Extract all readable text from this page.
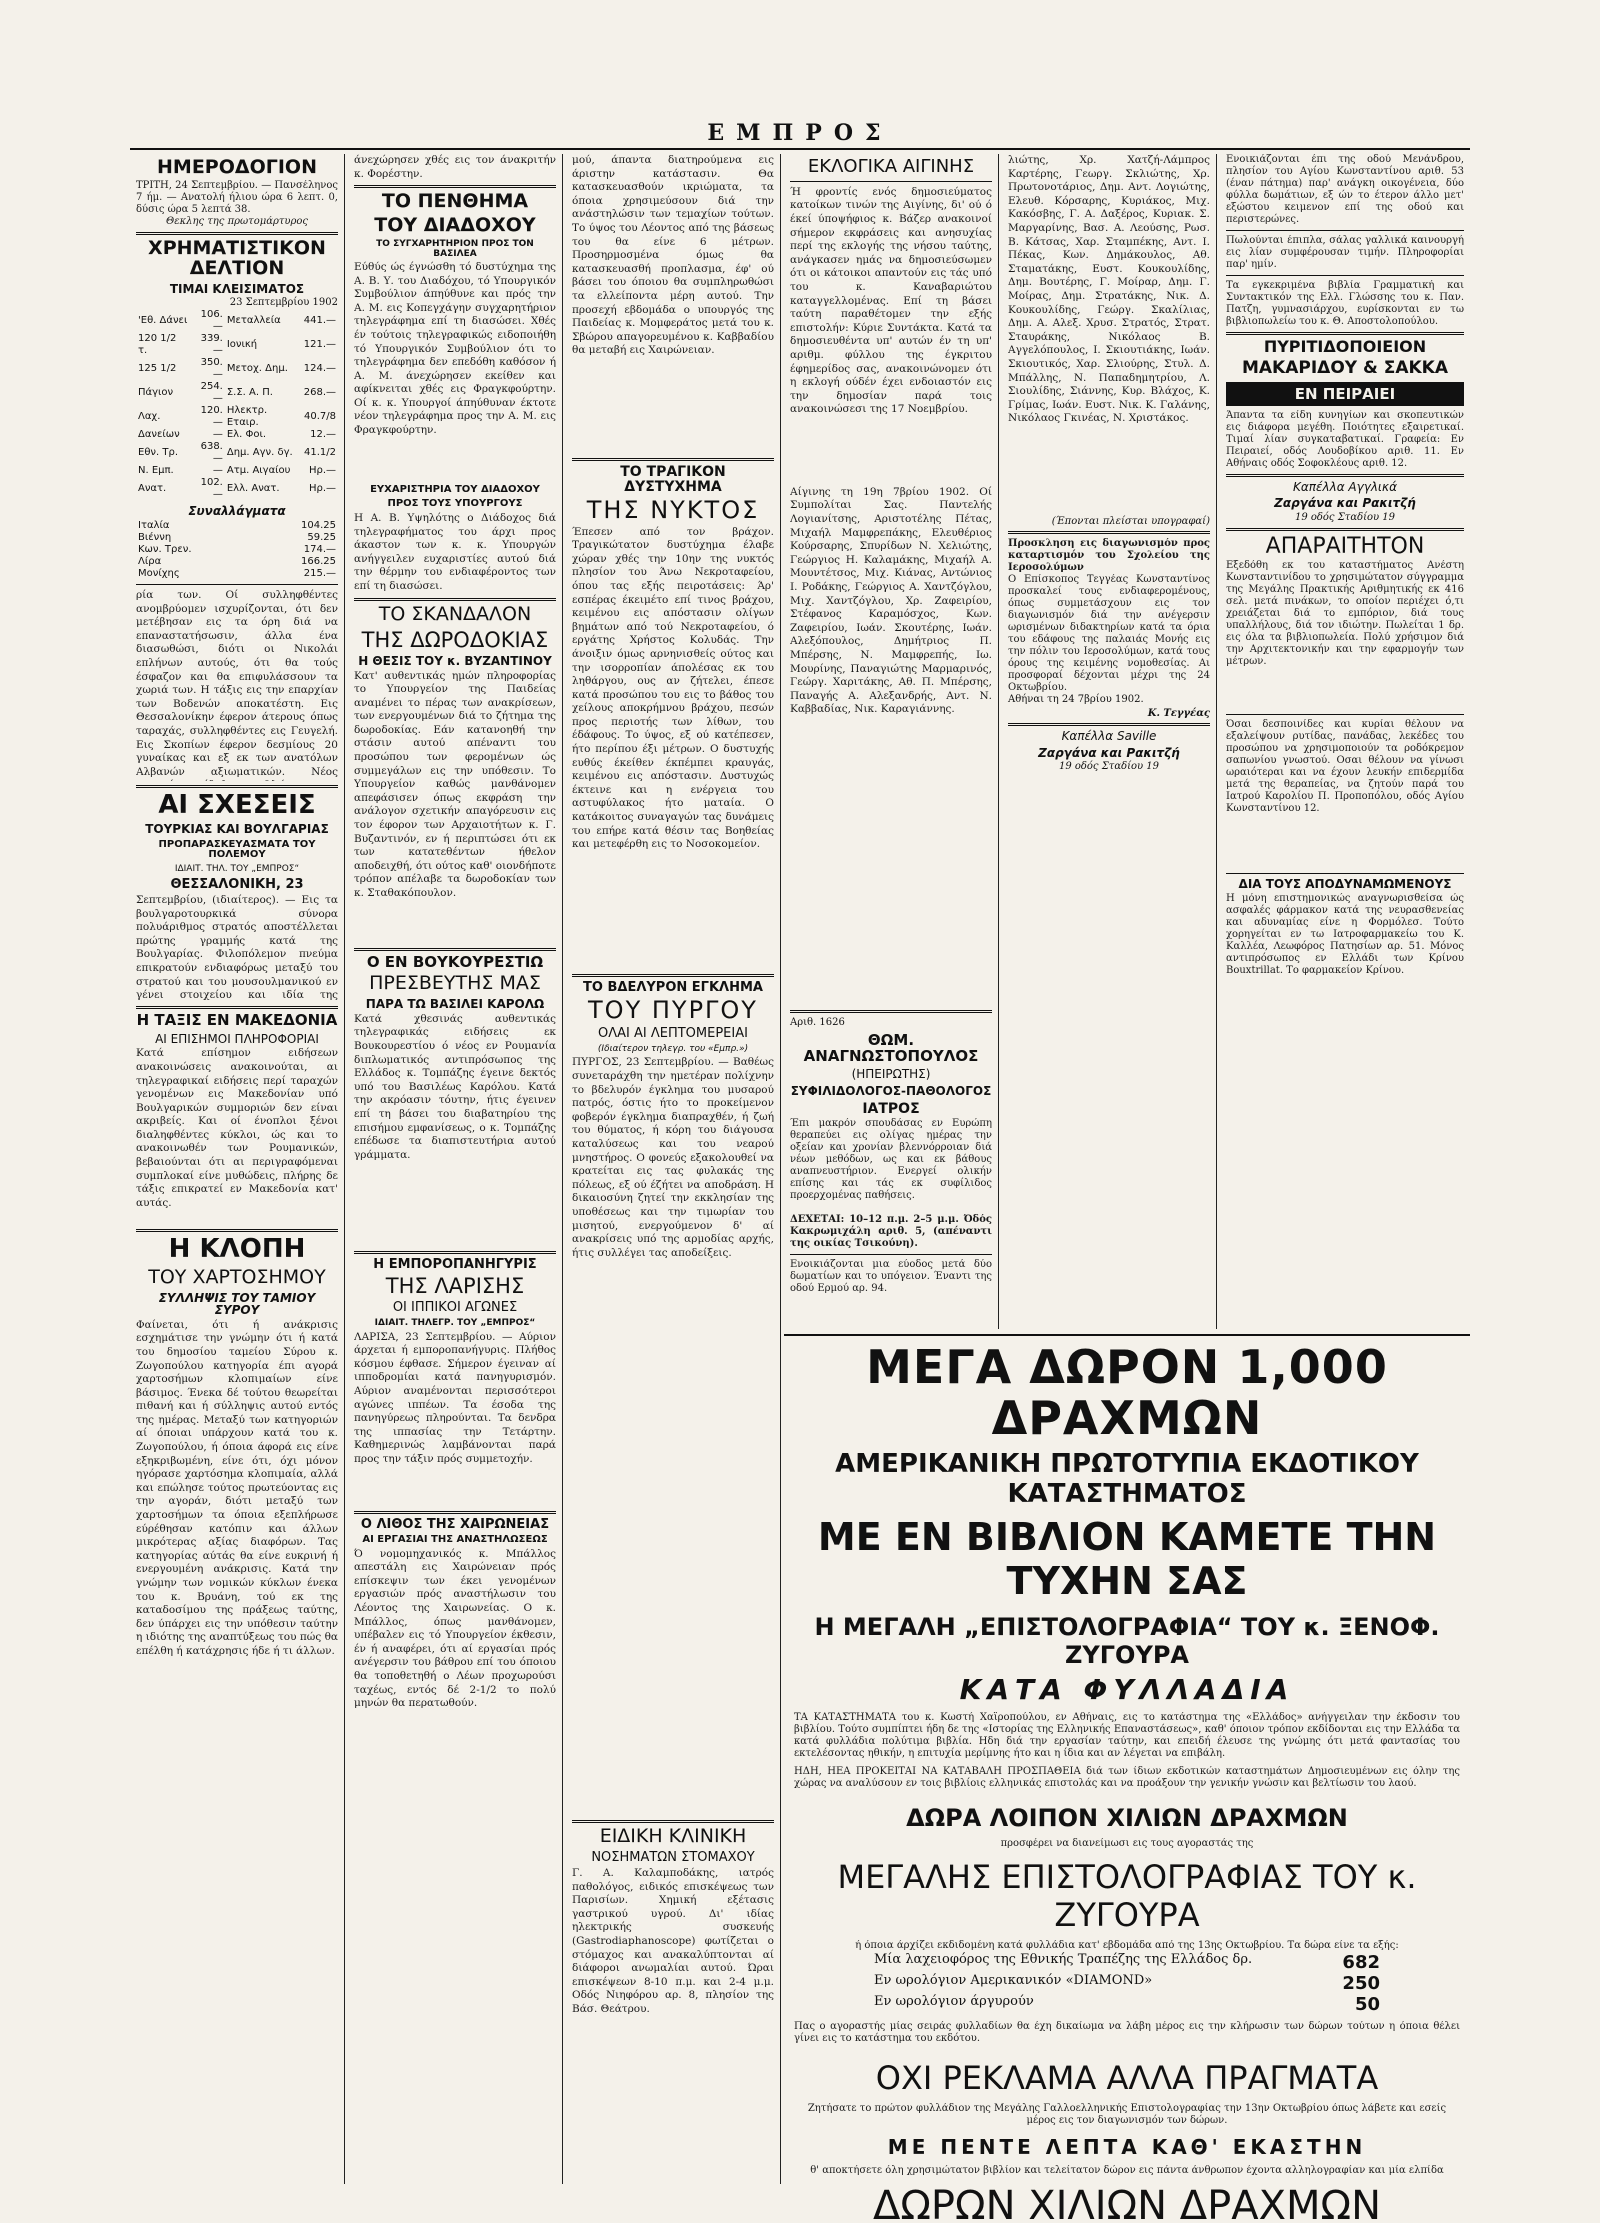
ΕΜΠΡΟΣ
ΗΜΕΡΟΔΟΓΙΟΝ
ΤΡΙΤΗ, 24 Σεπτεμβρίου. — Πανσέληνος 7 ήμ. — Ανατολή ήλιου ώρα 6 λεπτ. 0, δύσις ώρα 5 λεπτά 38.
Θεκλης της πρωτομάρτυρος
ΧΡΗΜΑΤΙΣΤΙΚΟΝ ΔΕΛΤΙΟΝ
ΤΙΜΑΙ ΚΛΕΙΣΙΜΑΤΟΣ
23 Σεπτεμβρίου 1902
'Εθ. Δάνει	106.—	Μεταλλεία	441.—
120 1/2 τ.	339.—	Ιονική	121.—
125 1/2	350.—	Μετοχ. Δημ.	124.—
Πάγιον	254.—	Σ.Σ. Α. Π.	268.—
Λαχ.	120.—	Ηλεκτρ. Εταιρ.	40.7/8
Δανείων	—	Ελ. Φοι.	12.—
Εθν. Τρ.	638.—	Δημ. Αγν. δγ.	41.1/2
Ν. Εμπ.	—	Ατμ. Αιγαίου	Ηρ.—
Ανατ.	102.—	Ελλ. Ανατ.	Ηρ.—
Συναλλάγματα
Ιταλία	104.25
Βιέννη	59.25
Κων. Τρεν.	174.—
Λίρα	166.25
Μονίχης	215.—
ρία των. Οί συλληφθέντες ανομβρύομεν ισχυρίζονται, ότι δεν μετέβησαν εις τα όρη διά να επαναστατήσωσιν, άλλα ένα διασωθώσι, διότι οι Νικολάι επλήνων αυτούς, ότι θα τούς έσφαζον και θα επιφυλάσσουν τα χωριά των. Η τάξις εις την επαρχίαν των Βοδενών αποκατέστη. Εις Θεσσαλονίκην έφερον άτερους όπως ταραχάς, συλληφθέντες εις Γευγελή. Εις Σκοπίων έφερον δεσμίους 20 γυναίκας και εξ εκ των ανατόλων Αλβανών αξιωματικών. Νέος
ΑΙ ΣΧΕΣΕΙΣ
ΤΟΥΡΚΙΑΣ ΚΑΙ ΒΟΥΛΓΑΡΙΑΣ
ΠΡΟΠΑΡΑΣΚΕΥΑΣΜΑΤΑ ΤΟΥ ΠΟΛΕΜΟΥ
ΙΔΙΑΙΤ. ΤΗΛ. ΤΟΥ „ΕΜΠΡΟΣ“
ΘΕΣΣΑΛΟΝΙΚΗ, 23
Σεπτεμβρίου, (ιδιαίτερος). — Εις τα βουλγαροτουρκικά σύνορα πολυάριθμος στρατός αποστέλλεται πρώτης γραμμής κατά της Βουλγαρίας. Φιλοπόλεμον πνεύμα επικρατούν ενδιαφόρως μεταξύ του στρατού και του μουσουλμανικού εν γένει στοιχείου και ιδία της
Η ΤΑΞΙΣ ΕΝ ΜΑΚΕΔΟΝΙΑ
ΑΙ ΕΠΙΣΗΜΟΙ ΠΛΗΡΟΦΟΡΙΑΙ
Κατά επίσημον ειδήσεων ανακοινώσεις ανακοινούται, αι τηλεγραφικαί ειδήσεις περί ταραχών γενομένων εις Μακεδονίαν υπό Βουλγαρικών συμμοριών δεν είναι ακριβείς. Και οί ένοπλοι ξένοι διαληφθέντες κύκλοι, ώς και το ανακοινωθέν των Ρουμανικών, βεβαιούνται ότι αι περιγραφόμεναι συμπλοκαί είνε μυθώδεις, πλήρης δε τάξις επικρατεί εν Μακεδονία κατ' αυτάς.
Η ΚΛΟΠΗ
ΤΟΥ ΧΑΡΤΟΣΗΜΟΥ
ΣΥΛΛΗΨΙΣ ΤΟΥ ΤΑΜΙΟΥ ΣΥΡΟΥ
Φαίνεται, ότι ή ανάκρισις εσχημάτισε την γνώμην ότι ή κατά του δημοσίου ταμείου Σύρου κ. Ζωγοπούλου κατηγορία έπι αγορά χαρτοσήμων κλοπιμαίων είνε βάσιμος. Ένεκα δέ τούτου θεωρείται πιθανή και ή σύλληψις αυτού εντός της ημέρας. Μεταξύ των κατηγοριών αί όποιαι υπάρχουν κατά του κ. Ζωγοπούλου, ή όποια άφορά εις είνε εξηκριβωμένη, είνε ότι, όχι μόνον ηγόρασε χαρτόσημα κλοπιμαία, αλλά και επώλησε τούτος πρωτεύοντας εις την αγοράν, διότι μεταξύ των χαρτοσήμων τα όποια εξεπλήρωσε εύρέθησαν κατόπιν και άλλων μικρότερας αξίας διαφόρων. Τας κατηγορίας αύτάς θα είνε ευκρινή ή ενεργουμένη ανάκρισις. Κατά την γνώμην των νομικών κύκλων ένεκα του κ. Βρυάνη, τού εκ της καταδοσίμου της πράξεως ταύτης, δεν ύπάρχει εις την υπόθεσιν ταύτην η ιδιότης της αναπτύξεως του πώς θα επέλθη ή κατάχρησις ήδε ή τι άλλων.
άνεχώρησεν χθές εις τον άνακριτήν κ. Φορέστην.
ΤΟ ΠΕΝΘΗΜΑ
ΤΟΥ ΔΙΑΔΟΧΟΥ
ΤΟ ΣΥΓΧΑΡΗΤΗΡΙΟΝ ΠΡΟΣ ΤΟΝ ΒΑΣΙΛΕΑ
Εύθύς ώς έγνώσθη τό δυστύχημα της Α. Β. Υ. του Διαδόχου, τό Υπουργικόν Συμβούλιον άπηύθυνε και πρός την Α. Μ. εις Κοπεγχάγην συγχαρητήριον τηλεγράφημα επί τη διασώσει. Χθές έν τούτοις τηλεγραφικώς ειδοποιήθη τό Υπουργικόν Συμβούλιον ότι το τηλεγράφημα δεν επεδόθη καθόσον ή Α. Μ. άνεχώρησεν εκείθεν και αφίκνειται χθές εις Φραγκφούρτην. Οί κ. κ. Υπουργοί άπηύθυναν έκτοτε νέον τηλεγράφημα προς την Α. Μ. εις Φραγκφούρτην.
ΕΥΧΑΡΙΣΤΗΡΙΑ ΤΟΥ ΔΙΑΔΟΧΟΥ
ΠΡΟΣ ΤΟΥΣ ΥΠΟΥΡΓΟΥΣ
Η Α. Β. Υψηλότης ο Διάδοχος διά τηλεγραφήματος του άρχι προς άκαστον των κ. κ. Υπουργών ανήγγειλεν ευχαριστίες αυτού διά την θέρμην του ενδιαφέροντος των επί τη διασώσει.
ΤΟ ΣΚΑΝΔΑΛΟΝ
ΤΗΣ ΔΩΡΟΔΟΚΙΑΣ
Η ΘΕΣΙΣ ΤΟΥ κ. ΒΥΖΑΝΤΙΝΟΥ
Κατ' αυθεντικάς ημών πληροφορίας το Υπουργείον της Παιδείας αναμένει το πέρας των ανακρίσεων, των ενεργουμένων διά το ζήτημα της δωροδοκίας. Εάν κατανοηθή την στάσιν αυτού απέναντι του προσώπου των φερομένων ώς συμμεγάλων εις την υπόθεσιν. Το Υπουργείον καθώς μανθάνομεν απεφάσισεν όπως εκφράση την ανάλογον σχετικήν απαγόρευσιν εις τον έφορον των Αρχαιοτήτων κ. Γ. Βυζαντινόν, εν ή περιπτώσει ότι εκ των κατατεθέντων ήθελον αποδειχθή, ότι ούτος καθ' οιονδήποτε τρόπον απέλαβε τα δωροδοκίαν των κ. Σταθακόπουλον.
Ο ΕΝ ΒΟΥΚΟΥΡΕΣΤΙΩ
ΠΡΕΣΒΕΥΤΗΣ ΜΑΣ
ΠΑΡΑ ΤΩ ΒΑΣΙΛΕΙ ΚΑΡΟΛΩ
Κατά χθεσινάς αυθεντικάς τηλεγραφικάς ειδήσεις εκ Βουκουρεστίου ό νέος εν Ρουμανία διπλωματικός αντιπρόσωπος της Ελλάδος κ. Τομπάζης έγεινε δεκτός υπό του Βασιλέως Καρόλου. Κατά την ακρόασιν τόυτην, ήτις έγεινεν επί τη βάσει του διαβατηρίου της επισήμου εμφανίσεως, ο κ. Τομπάζης επέδωσε τα διαπιστευτήρια αυτού γράμματα.
Η ΕΜΠΟΡΟΠΑΝΗΓΥΡΙΣ
ΤΗΣ ΛΑΡΙΣΗΣ
ΟΙ ΙΠΠΙΚΟΙ ΑΓΩΝΕΣ
ΙΔΙΑΙΤ. ΤΗΛΕΓΡ. ΤΟΥ „ΕΜΠΡΟΣ“
ΛΑΡΙΣΑ, 23 Σεπτεμβρίου. — Αύριον άρχεται ή εμποροπανήγυρις. Πλήθος κόσμου έφθασε. Σήμερον έγειναν αί ιπποδρομίαι κατά πανηγυρισμόν. Αύριον αναμένονται περισσότεροι αγώνες ιππέων. Τα έσοδα της πανηγύρεως πληρούνται. Τα δενδρα της ιππασίας την Τετάρτην. Καθημερινώς λαμβάνονται παρά προς την τάξιν πρός συμμετοχήν.
Ο ΛΙΘΟΣ ΤΗΣ ΧΑΙΡΩΝΕΙΑΣ
ΑΙ ΕΡΓΑΣΙΑΙ ΤΗΣ ΑΝΑΣΤΗΛΩΣΕΩΣ
Ό νομομηχανικός κ. Μπάλλος απεστάλη εις Χαιρώνειαν πρός επίσκεψιν των έκει γενομένων εργασιών πρός αναστήλωσιν του Λέοντος της Χαιρωνείας. Ο κ. Μπάλλος, όπως μανθάνομεν, υπέβαλεν εις τό Υπουργείον έκθεσιν, έν ή αναφέρει, ότι αί εργασίαι πρός ανέγερσιν του βάθρου επί του όποιου θα τοποθετηθή ο Λέων προχωρούσι ταχέως, εντός δέ 2-1/2 το πολύ μηνών θα περατωθούν.
μού, άπαντα διατηρούμενα εις άριστην κατάστασιν. Θα κατασκευασθούν ικριώματα, τα όποια χρησιμεύσουν διά την ανάστηλώσιν των τεμαχίων τούτων. Το ύψος του Λέοντος από της βάσεως του θα είνε 6 μέτρων. Προσηρμοσμένα όμως θα κατασκευασθή προπλασμα, έφ' ού βάσει του όποιου θα συμπληρωθώσι τα ελλείποντα μέρη αυτού. Την προσεχή εβδομάδα ο υπουργός της Παιδείας κ. Μομφεράτος μετά του κ. Σβώρου απαγορευμένου κ. Καββαδίου θα μεταβή εις Χαιρώνειαν.
ΤΟ ΤΡΑΓΙΚΟΝ ΔΥΣΤΥΧΗΜΑ
ΤΗΣ ΝΥΚΤΟΣ
Έπεσεν από τον βράχον. Τραγικώτατον δυστύχημα έλαβε χώραν χθές την 10ην της νυκτός πλησίον του Άνω Νεκροταφείου, όπου τας εξής πειροτάσεις: Άρ' εσπέρας έκειμέτο επί τινος βράχου, κειμένου εις απόστασιν ολίγων βημάτων από τού Νεκροταφείου, ό εργάτης Χρήστος Κολυδάς. Την άνοιξιν όμως αρνηνισθείς ούτος και την ισορροπίαν άπολέσας εκ του ληθάργου, ους αν ζήτελει, έπεσε κατά προσώπου του εις το βάθος του χείλους αποκρήμνου βράχου, πεσών προς περιοτής των λίθων, του έδάφους. Το ύψος, εξ ού κατέπεσεν, ήτο περίπου έξι μέτρων. Ο δυστυχής ευθύς έκείθεν έκπέμπει κραυγάς, κειμένου εις απόστασιν. Δυστυχώς έκτεινε και η ενέργεια του αστυφύλακος ήτο ματαία. Ο κατάκοιτος συναγαγών τας δυνάμεις του επήρε κατά θέσιν τας Βοηθείας και μετεφέρθη εις το Νοσοκομείον.
ΤΟ ΒΔΕΛΥΡΟΝ ΕΓΚΛΗΜΑ
ΤΟΥ ΠΥΡΓΟΥ
ΟΛΑΙ ΑΙ ΛΕΠΤΟΜΕΡΕΙΑΙ
(Ιδιαίτερον τηλεγρ. του «Εμπρ.»)
ΠΥΡΓΟΣ, 23 Σεπτεμβρίου. — Βαθέως συνεταράχθη την ημετέραν πολίχνην το βδελυρόν έγκλημα του μυσαρού πατρός, όστις ήτο το προκείμενον φοβερόν έγκλημα διαπραχθέν, ή ζωή του θύματος, ή κόρη του διάγουσα καταλύσεως και του νεαρού μνηστήρος. Ο φονεύς εξακολουθεί να κρατείται εις τας φυλακάς της πόλεως, εξ ού έζήτει να αποδράση. Η δικαιοσύνη ζητεί την εκκλησίαν της υποθέσεως και την τιμωρίαν του μισητού, ενεργούμενον δ' αί ανακρίσεις υπό της αρμοδίας αρχής, ήτις συλλέγει τας αποδείξεις.
ΕΙΔΙΚΗ ΚΛΙΝΙΚΗ
ΝΟΣΗΜΑΤΩΝ ΣΤΟΜΑΧΟΥ
Γ. Α. Καλαμποδάκης, ιατρός παθολόγος, ειδικός επισκέψεως των Παρισίων. Χημική εξέτασις γαστρικού υγρού. Δι' ιδίας ηλεκτρικής συσκευής (Gastrodiaphanoscope) φωτίζεται ο στόμαχος και ανακαλύπτονται αί διάφοροι ανωμαλίαι αυτού. Ώραι επισκέψεων 8-10 π.μ. και 2-4 μ.μ. Οδός Νιηφόρου αρ. 8, πλησίον της Βάσ. Θεάτρου.
ΕΚΛΟΓΙΚΑ ΑΙΓΙΝΗΣ
Ή φροντίς ενός δημοσιεύματος κατοίκων τινών της Αιγίνης, δι' ού ό έκεί ύποψήφιος κ. Βάζερ ανακοινοί σήμερον εκφράσεις και ανησυχίας περί της εκλογής της νήσου ταύτης, ανάγκασεν ημάς να δημοσιεύσωμεν ότι οι κάτοικοι απαντούν εις τάς υπό του κ. Καναβαριώτου καταγγελλομένας. Επί τη βάσει ταύτη παραθέτομεν την εξής επιστολήν: Κύριε Συντάκτα. Κατά τα δημοσιευθέντα υπ' αυτών έν τη υπ' αριθμ. φύλλου της έγκριτου έφημερίδος σας, ανακοινώνομεν ότι η εκλογή ούδέν έχει ενδοιαστόν εις την δημοσίαν παρά τοις ανακοινώσεσι της 17 Νοεμβρίου.
Αίγινης τη 19η 7βρίου 1902. Οί Συμπολίται Σας. Παντελής Λογιανίτσης, Αριστοτέλης Πέτας, Μιχαήλ Μαμφρεπάκης, Ελευθέριος Κούρσαρης, Σπυρίδων Ν. Χελιώτης, Γεώργιος Η. Καλαμάκης, Μιχαήλ Α. Μουντέτσος, Μιχ. Κιάνας, Αντώνιος Ι. Ροδάκης, Γεώργιος Α. Χαντζόγλου, Μιχ. Χαντζόγλου, Χρ. Ζαφειρίου, Στέφανος Καραμόσχος, Κων. Ζαφειρίου, Ιωάν. Σκουτέρης, Ιωάν. Αλεξόπουλος, Δημήτριος Π. Μπέρσης, Ν. Μαμφρεπής, Ιω. Μουρίνης, Παναγιώτης Μαρμαρινός, Γεώργ. Χαριτάκης, Αθ. Π. Μπέρσης, Παναγής Α. Αλεξανδρής, Αντ. Ν. Καββαδίας, Νικ. Καραγιάννης.
Αριθ. 1626
ΘΩΜ. ΑΝΑΓΝΩΣΤΟΠΟΥΛΟΣ
(ΗΠΕΙΡΩΤΗΣ)
ΣΥΦΙΛΙΔΟΛΟΓΟΣ-ΠΑΘΟΛΟΓΟΣ
ΙΑΤΡΟΣ
Έπι μακρόν σπουδάσας εν Ευρώπη θεραπεύει εις ολίγας ημέρας την οξείαν και χρονίαν βλεννόρροιαν διά νέων μεθόδων, ως και εκ βάθους αναπνευστήριον. Ενεργεί ολικήν επίσης και τάς εκ συφίλιδος προερχομένας παθήσεις.
ΔΕΧΕΤΑΙ: 10–12 π.μ. 2–5 μ.μ. Όδός Κακρωμιχάλη αριθ. 5, (απέναντι της οικίας Τσικούνη).
Ενοικιάζονται μια εύοδος μετά δύο δωματίων και το υπόγειον. Έναντι της οδού Ερμού αρ. 94.
λιώτης, Χρ. Χατζή-Λάμπρος Καρτέρης, Γεωργ. Σκλιώτης, Χρ. Πρωτονοτάριος, Δημ. Αντ. Λογιώτης, Ελευθ. Κόρσαρης, Κυριάκος, Μιχ. Κακόσβης, Γ. Α. Δαξέρος, Κυριακ. Σ. Μαργαρίνης, Βασ. Α. Λεούσης, Ρωσ. Β. Κάτσας, Χαρ. Σταμπέκης, Αντ. Ι. Πέκας, Κων. Δημάκουλος, Αθ. Σταματάκης, Ευστ. Κουκουλίδης, Δημ. Βουτέρης, Γ. Μοίραρ, Δημ. Γ. Μοίρας, Δημ. Στρατάκης, Νικ. Δ. Κουκουλίδης, Γεώργ. Σκαλίλιας, Δημ. Α. Αλεξ. Χρυσ. Στρατός, Στρατ. Σταυράκης, Νικόλαος Β. Αγγελόπουλος, Ι. Σκιουτιάκης, Ιωάν. Σκιουτικός, Χαρ. Σλιούρης, Στυλ. Δ. Μπάλλης, Ν. Παπαδημητρίου, Λ. Σιουλίδης, Σιάννης, Κυρ. Βλάχος, Κ. Γρίμας, Ιωάν. Ευστ. Νικ. Κ. Γαλάνης, Νικόλαος Γκινέας, Ν. Χριστάκος.
(Έπονται πλείσται υπογραφαί)
Προσκληση εις διαγωνισμόν προς καταρτισμόν του Σχολείου της Ιεροσολύμων
Ο Επίσκοπος Τεγγέας Κωνσταντίνος προσκαλεί τους ενδιαφερομένους, όπως συμμετάσχουν εις τον διαγωνισμόν διά την ανέγερσιν ωρισμένων διδακτηρίων κατά τα όρια του εδάφους της παλαιάς Μονής εις την πόλιν του Ιεροσολύμων, κατά τους όρους της κειμένης νομοθεσίας. Αι προσφοραί δέχονται μέχρι της 24 Οκτωβρίου.
Αθήναι τη 24 7βρίου 1902.
Κ. Τεγγέας
Καπέλλα Saville
Ζαργάνα και Ρακιτζή
19 οδός Σταδίου 19
Ενοικιάζονται έπι της οδού Μενάνδρου, πλησίον του Αγίου Κωνσταντίνου αριθ. 53 (έναν πάτημα) παρ' ανάγκη οικογένεια, δύο φύλλα δωμάτιων, εξ ών το έτερον άλλο μετ' εξώστου κειμενον επί της οδού και περιστερώνες.
Πωλούνται έπιπλα, σάλας γαλλικά καινουργή εις λίαν συμφέρουσαν τιμήν. Πληροφορίαι παρ' ημίν.
Τα εγκεκριμένα βιβλία Γραμματική και Συντακτικόν της Ελλ. Γλώσσης του κ. Παν. Πατζη, γυμνασιάρχου, ευρίσκονται εν τω βιβλιοπωλείω του κ. Θ. Αποστολοπούλου.
ΠΥΡΙΤΙΔΟΠΟΙΕΙΟΝ
ΜΑΚΑΡΙΔΟΥ & ΣΑΚΚΑ
ΕΝ ΠΕΙΡΑΙΕΙ
Άπαντα τα είδη κυνηγίων και σκοπευτικών εις διάφορα μεγέθη. Ποιότητες εξαιρετικαί. Τιμαί λίαν συγκαταβατικαί. Γραφεία: Εν Πειραιεί, οδός Λουδοβίκου αριθ. 11. Εν Αθήναις οδός Σοφοκλέους αριθ. 12.
Καπέλλα Αγγλικά
Ζαργάνα και Ρακιτζή
19 οδός Σταδίου 19
ΑΠΑΡΑΙΤΗΤΟΝ
Εξεδόθη εκ του καταστήματος Ανέστη Κωνσταντινίδου το χρησιμώτατον σύγγραμμα της Μεγάλης Πρακτικής Αριθμητικής εκ 416 σελ. μετά πινάκων, το οποίον περιέχει ό,τι χρειάζεται διά το εμπόριον, διά τους υπαλλήλους, διά τον ιδιώτην. Πωλείται 1 δρ. εις όλα τα βιβλιοπωλεία. Πολύ χρήσιμον διά την Αρχιτεκτονικήν και την εφαρμογήν των μέτρων.
Όσαι δεσποινίδες και κυρίαι θέλουν να εξαλείψουν ρυτίδας, πανάδας, λεκέδες του προσώπου να χρησιμοποιούν τα ροδόκρεμον σαπωνίου γνωστού. Οσαι θέλουν να γίνωσι ωραιότεραι και να έχουν λευκήν επιδερμίδα μετά της θεραπείας, να ζητούν παρά του Ιατρού Καρολίου Π. Προποπόλου, οδός Αγίου Κωνσταντίνου 12.
ΔΙΑ ΤΟΥΣ ΑΠΟΔΥΝΑΜΩΜΕΝΟΥΣ
Η μόνη επιστημονικώς αναγνωρισθείσα ώς ασφαλές φάρμακον κατά της νευρασθενείας και αδυναμίας είνε η Φορμόλεσ. Τούτο χορηγείται εν τω Ιατροφαρμακείω του Κ. Καλλέα, Λεωφόρος Πατησίων αρ. 51. Μόνος αντιπρόσωπος εν Ελλάδι των Κρίνου Bouxtrillat. Το φαρμακείον Κρίνου.
ΜΕΓΑ ΔΩΡΟΝ 1,000 ΔΡΑΧΜΩΝ
ΑΜΕΡΙΚΑΝΙΚΗ ΠΡΩΤΟΤΥΠΙΑ ΕΚΔΟΤΙΚΟΥ ΚΑΤΑΣΤΗΜΑΤΟΣ
ΜΕ ΕΝ ΒΙΒΛΙΟΝ ΚΑΜΕΤΕ ΤΗΝ ΤΥΧΗΝ ΣΑΣ
Η ΜΕΓΑΛΗ „ΕΠΙΣΤΟΛΟΓΡΑΦΙΑ“ ΤΟΥ κ. ΞΕΝΟΦ. ΖΥΓΟΥΡΑ
ΚΑΤΑ ΦΥΛΛΑΔΙΑ
ΤΑ ΚΑΤΑΣΤΗΜΑΤΑ του κ. Κωστή Χαϊροπούλου, εν Αθήναις, εις το κατάστημα της «Ελλάδος» ανήγγειλαν την έκδοσιν του βιβλίου. Τούτο συμπίπτει ήδη δε της «Ιστορίας της Ελληνικής Επαναστάσεως», καθ' όποιον τρόπον εκδίδονται εις την Ελλάδα τα κατά φυλλάδια πολύτιμα βιβλία. Ηδη διά την εργασίαν ταύτην, και επειδή έλευσε της γνώμης ότι μετά φαντασίας του εκτελέσοντας ηθικήν, η επιτυχία μερίμνης ήτο και η ίδια και αν λέγεται να επιβάλη.
ΗΔΗ, ΗΕΑ ΠΡΟΚΕΙΤΑΙ ΝΑ ΚΑΤΑΒΑΛΗ ΠΡΟΣΠΑΘΕΙΑ διά των ίδιων εκδοτικών καταστημάτων Δημοσιευμένων εις όλην της χώρας να αναλύσουν εν τοις βιβλίοις ελληνικάς επιστολάς και να προάξουν την γενικήν γνώσιν και βελτίωσιν του λαού.
ΔΩΡΑ ΛΟΙΠΟΝ ΧΙΛΙΩΝ ΔΡΑΧΜΩΝ
προσφέρει να διανείμωσι εις τους αγοραστάς της
ΜΕΓΑΛΗΣ ΕΠΙΣΤΟΛΟΓΡΑΦΙΑΣ ΤΟΥ κ. ΖΥΓΟΥΡΑ
ή όποια άρχίζει εκδιδομένη κατά φυλλάδια κατ' εβδομάδα από της 13ης Οκτωβρίου. Τα δώρα είνε τα εξής:
Μία λαχειοφόρος της Εθνικής Τραπέζης της Ελλάδος δρ.	682
Εν ωρολόγιον Αμερικανικόν «DIAMOND»	250
Εν ωρολόγιον άργυρούν	50
Πας ο αγοραστής μίας σειράς φυλλαδίων θα έχη δικαίωμα να λάβη μέρος εις την κλήρωσιν των δώρων τούτων η όποια θέλει γίνει εις το κατάστημα του εκδότου.
ΟΧΙ ΡΕΚΛΑΜΑ ΑΛΛΑ ΠΡΑΓΜΑΤΑ
Ζητήσατε το πρώτον φυλλάδιον της Μεγάλης Γαλλοελληνικής Επιστολογραφίας την 13ην Οκτωβρίου όπως λάβετε και εσείς μέρος εις τον διαγωνισμόν των δώρων.
ΜΕ ΠΕΝΤΕ ΛΕΠΤΑ ΚΑΘ' ΕΚΑΣΤΗΝ
θ' αποκτήσετε όλη χρησιμώτατον βιβλίον και τελείτατον δώρον εις πάντα άνθρωπον έχοντα αλληλογραφίαν και μία ελπίδα
ΔΩΡΩΝ ΧΙΛΙΩΝ ΔΡΑΧΜΩΝ
